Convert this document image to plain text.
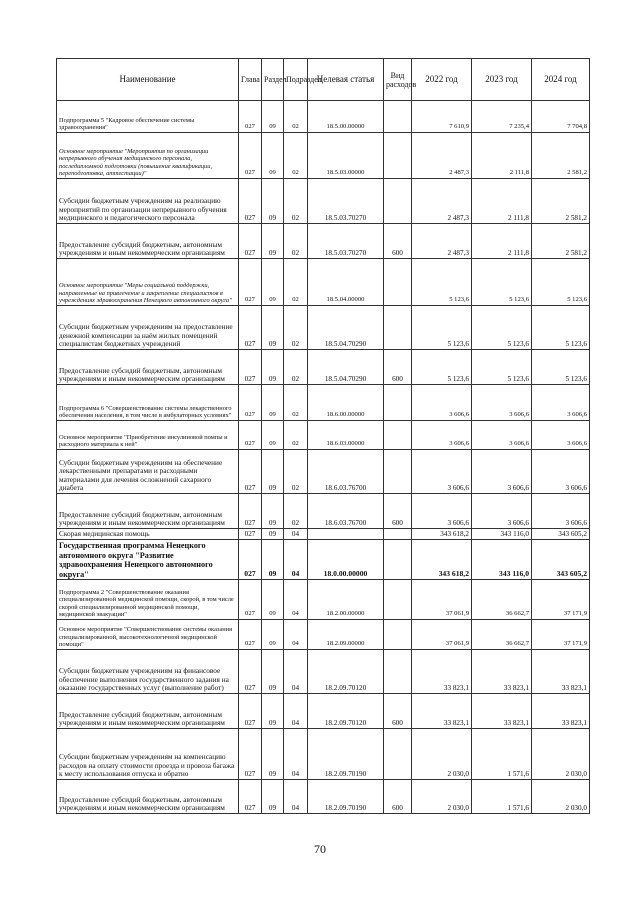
Наименование	Глава	Раздел	Подраздел	Целевая статья	Вид расходов	2022 год	2023 год	2024 год
Подпрограмма 5 "Кадровое обеспечение системы здравоохранения"	027	09	02	18.5.00.00000		7 610,9	7 235,4	7 704,8
Основное мероприятие "Мероприятия по организации непрерывного обучения медицинского персонала, последипломной подготовки (повышение квалификации, переподготовка, аттестации)"	027	09	02	18.5.03.00000		2 487,3	2 111,8	2 581,2
Субсидии бюджетным учреждениям на реализацию мероприятий по организации непрерывного обучения медицинского и педагогического персонала	027	09	02	18.5.03.70270		2 487,3	2 111,8	2 581,2
Предоставление субсидий бюджетным, автономным учреждениям и иным некоммерческим организациям	027	09	02	18.5.03.70270	600	2 487,3	2 111,8	2 581,2
Основное мероприятие "Меры социальной поддержки, направленные на привлечение и закрепление специалистов в учреждениях здравоохранения Ненецкого автономного округа"	027	09	02	18.5.04.00000		5 123,6	5 123,6	5 123,6
Субсидии бюджетным учреждениям на предоставление денежной компенсации за наём жилых помещений специалистам бюджетных учреждений	027	09	02	18.5.04.70290		5 123,6	5 123,6	5 123,6
Предоставление субсидий бюджетным, автономным учреждениям и иным некоммерческим организациям	027	09	02	18.5.04.70290	600	5 123,6	5 123,6	5 123,6
Подпрограмма 6 "Совершенствование системы лекарственного обеспечения населения, в том числе в амбулаторных условиях"	027	09	02	18.6.00.00000		3 606,6	3 606,6	3 606,6
Основное мероприятие "Приобретение инсулиновой помпы и расходного материала к ней"	027	09	02	18.6.03.00000		3 606,6	3 606,6	3 606,6
Субсидии бюджетным учреждениям на обеспечение лекарственными препаратами и расходными материалами для лечения осложнений сахарного диабета	027	09	02	18.6.03.76700		3 606,6	3 606,6	3 606,6
Предоставление субсидий бюджетным, автономным учреждениям и иным некоммерческим организациям	027	09	02	18.6.03.76700	600	3 606,6	3 606,6	3 606,6
Скорая медицинская помощь	027	09	04			343 618,2	343 116,0	343 605,2
Государственная программа Ненецкого автономного округа "Развитие здравоохранения Ненецкого автономного округа"	027	09	04	18.0.00.00000		343 618,2	343 116,0	343 605,2
Подпрограмма 2 "Совершенствование оказания специализированной медицинской помощи, скорой, в том числе скорой специализированной медицинской помощи, медицинской эвакуации"	027	09	04	18.2.00.00000		37 061,9	36 662,7	37 171,9
Основное мероприятие "Совершенствование системы оказания специализированной, высокотехнологичной медицинской помощи"	027	09	04	18.2.09.00000		37 061,9	36 662,7	37 171,9
Субсидии бюджетным учреждениям на финансовое обеспечение выполнения государственного задания на оказание государственных услуг (выполнение работ)	027	09	04	18.2.09.70120		33 823,1	33 823,1	33 823,1
Предоставление субсидий бюджетным, автономным учреждениям и иным некоммерческим организациям	027	09	04	18.2.09.70120	600	33 823,1	33 823,1	33 823,1
Субсидии бюджетным учреждениям на компенсацию расходов на оплату стоимости проезда и провоза багажа к месту использования отпуска и обратно	027	09	04	18.2.09.70190		2 030,0	1 571,6	2 030,0
Предоставление субсидий бюджетным, автономным учреждениям и иным некоммерческим организациям	027	09	04	18.2.09.70190	600	2 030,0	1 571,6	2 030,0
70
